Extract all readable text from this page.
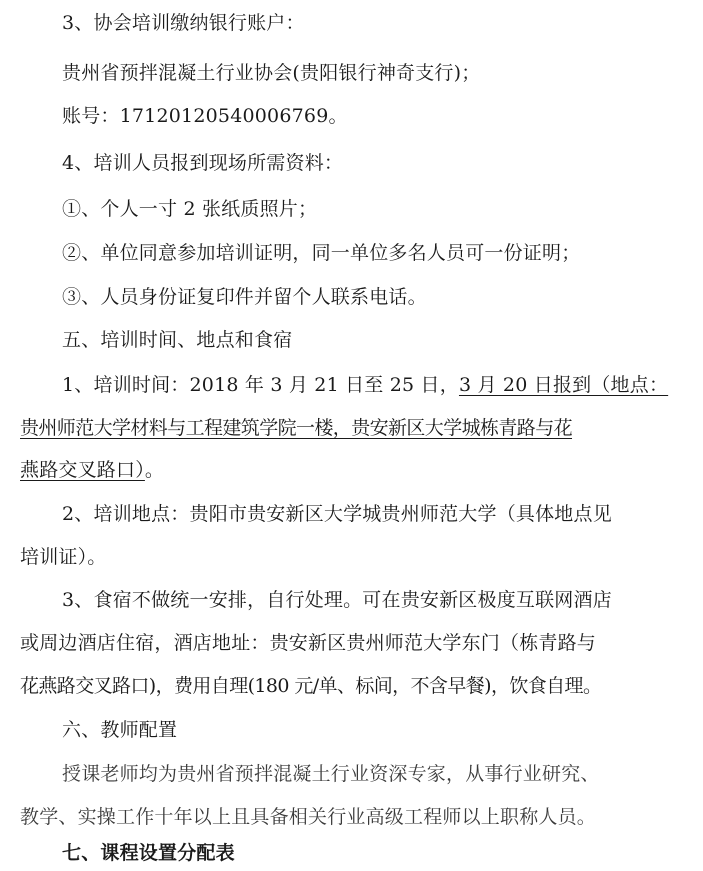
3、协会培训缴纳银行账户：
贵州省预拌混凝土行业协会(贵阳银行神奇支行)；
账号：17120120540006769。
4、培训人员报到现场所需资料：
①、个人一寸 2 张纸质照片；
②、单位同意参加培训证明，同一单位多名人员可一份证明；
③、人员身份证复印件并留个人联系电话。
五、培训时间、地点和食宿
1、培训时间：2018 年 3 月 21 日至 25 日，3 月 20 日报到（地点：
贵州师范大学材料与工程建筑学院一楼，贵安新区大学城栋青路与花
燕路交叉路口）。
2、培训地点：贵阳市贵安新区大学城贵州师范大学（具体地点见
培训证）。
3、食宿不做统一安排，自行处理。可在贵安新区极度互联网酒店
或周边酒店住宿，酒店地址：贵安新区贵州师范大学东门（栋青路与
花燕路交叉路口)，费用自理(180 元/单、标间，不含早餐)，饮食自理。
六、教师配置
授课老师均为贵州省预拌混凝土行业资深专家，从事行业研究、
教学、实操工作十年以上且具备相关行业高级工程师以上职称人员。
七、课程设置分配表
